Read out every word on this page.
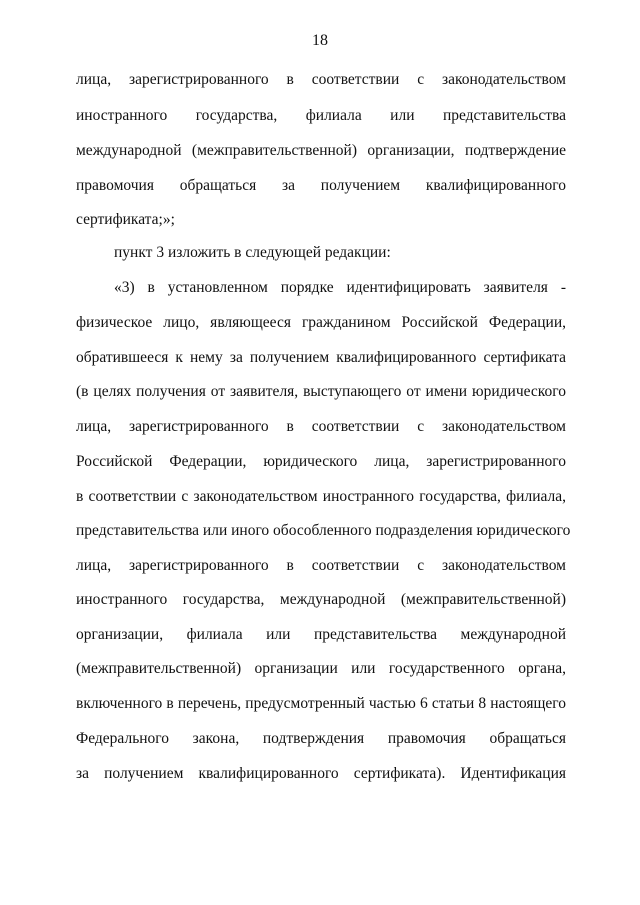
18
лица, зарегистрированного в соответствии с законодательством
иностранного государства, филиала или представительства
международной (межправительственной) организации, подтверждение
правомочия обращаться за получением квалифицированного
сертификата;»;
пункт 3 изложить в следующей редакции:
«3) в установленном порядке идентифицировать заявителя -
физическое лицо, являющееся гражданином Российской Федерации,
обратившееся к нему за получением квалифицированного сертификата
(в целях получения от заявителя, выступающего от имени юридического
лица, зарегистрированного в соответствии с законодательством
Российской Федерации, юридического лица, зарегистрированного
в соответствии с законодательством иностранного государства, филиала,
представительства или иного обособленного подразделения юридического
лица, зарегистрированного в соответствии с законодательством
иностранного государства, международной (межправительственной)
организации, филиала или представительства международной
(межправительственной) организации или государственного органа,
включенного в перечень, предусмотренный частью 6 статьи 8 настоящего
Федерального закона, подтверждения правомочия обращаться
за получением квалифицированного сертификата). Идентификация
